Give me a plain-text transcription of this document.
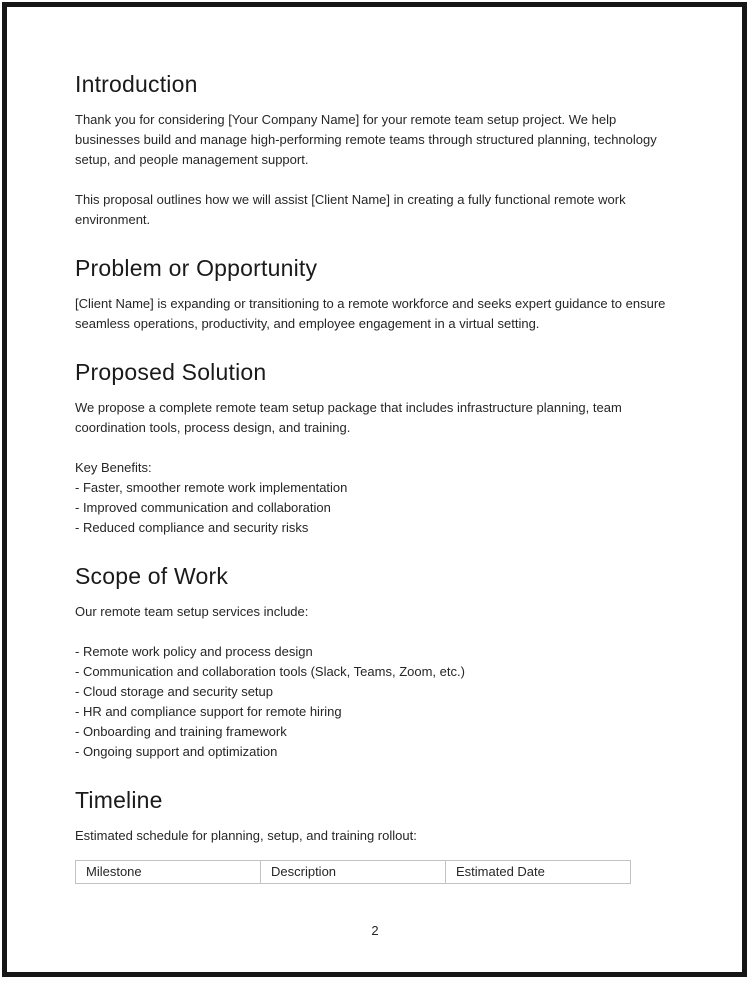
Introduction

Thank you for considering [Your Company Name] for your remote team setup project. We help businesses build and manage high-performing remote teams through structured planning, technology setup, and people management support.

This proposal outlines how we will assist [Client Name] in creating a fully functional remote work environment.

Problem or Opportunity

[Client Name] is expanding or transitioning to a remote workforce and seeks expert guidance to ensure seamless operations, productivity, and employee engagement in a virtual setting.

Proposed Solution

We propose a complete remote team setup package that includes infrastructure planning, team coordination tools, process design, and training.

Key Benefits:

- Faster, smoother remote work implementation
- Improved communication and collaboration
- Reduced compliance and security risks
Scope of Work

Our remote team setup services include:

- Remote work policy and process design
- Communication and collaboration tools (Slack, Teams, Zoom, etc.)
- Cloud storage and security setup
- HR and compliance support for remote hiring
- Onboarding and training framework
- Ongoing support and optimization
Timeline

Estimated schedule for planning, setup, and training rollout:

Milestone	Description	Estimated Date
2
